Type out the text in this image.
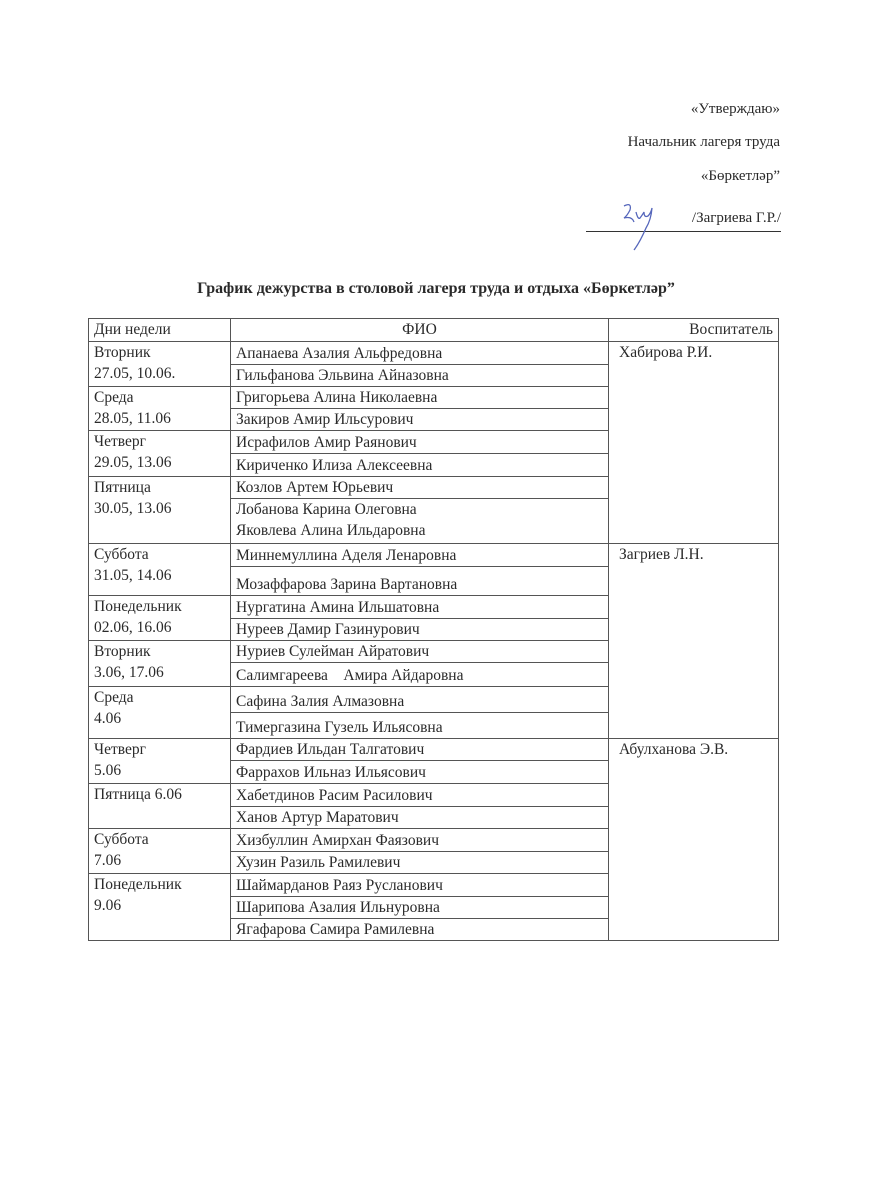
«Утверждаю»
Начальник лагеря труда
«Бөркетләр”
/Загриева Г.Р./
График дежурства в столовой лагеря труда и отдыха «Бөркетләр”
Дни недели	ФИО	Воспитатель
Вторник
27.05, 10.06.	Апанаева Азалия Альфредовна	Хабирова Р.И.

	Гильфанова Эльвина Айназовна	

Среда
28.05, 11.06	Григорьева Алина Николаевна	

	Закиров Амир Ильсурович	

Четверг
29.05, 13.06	Исрафилов Амир Раянович	

	Кириченко Илиза Алексеевна	

Пятница
30.05, 13.06	Козлов Артем Юрьевич	

	Лобанова Карина Олеговна
Яковлева Алина Ильдаровна	

Суббота
31.05, 14.06	Миннемуллина Аделя Ленаровна	Загриев Л.Н.

	Мозаффарова Зарина Вартановна	

Понедельник
02.06, 16.06	Нургатина Амина Ильшатовна	

	Нуреев Дамир Газинурович	

Вторник
3.06, 17.06	Нуриев Сулейман Айратович	

	Салимгареева    Амира Айдаровна	

Среда
4.06	Сафина Залия Алмазовна	

	Тимергазина Гузель Ильясовна	

Четверг
5.06	Фардиев Ильдан Талгатович	Абулханова Э.В.

	Фаррахов Ильназ Ильясович	

Пятница 6.06	Хабетдинов Расим Расилович	

	Ханов Артур Маратович	

Суббота
7.06	Хизбуллин Амирхан Фаязович	

	Хузин Разиль Рамилевич	

Понедельник
9.06	Шаймарданов Раяз Русланович	

	Шарипова Азалия Ильнуровна	

	Ягафарова Самира Рамилевна	
